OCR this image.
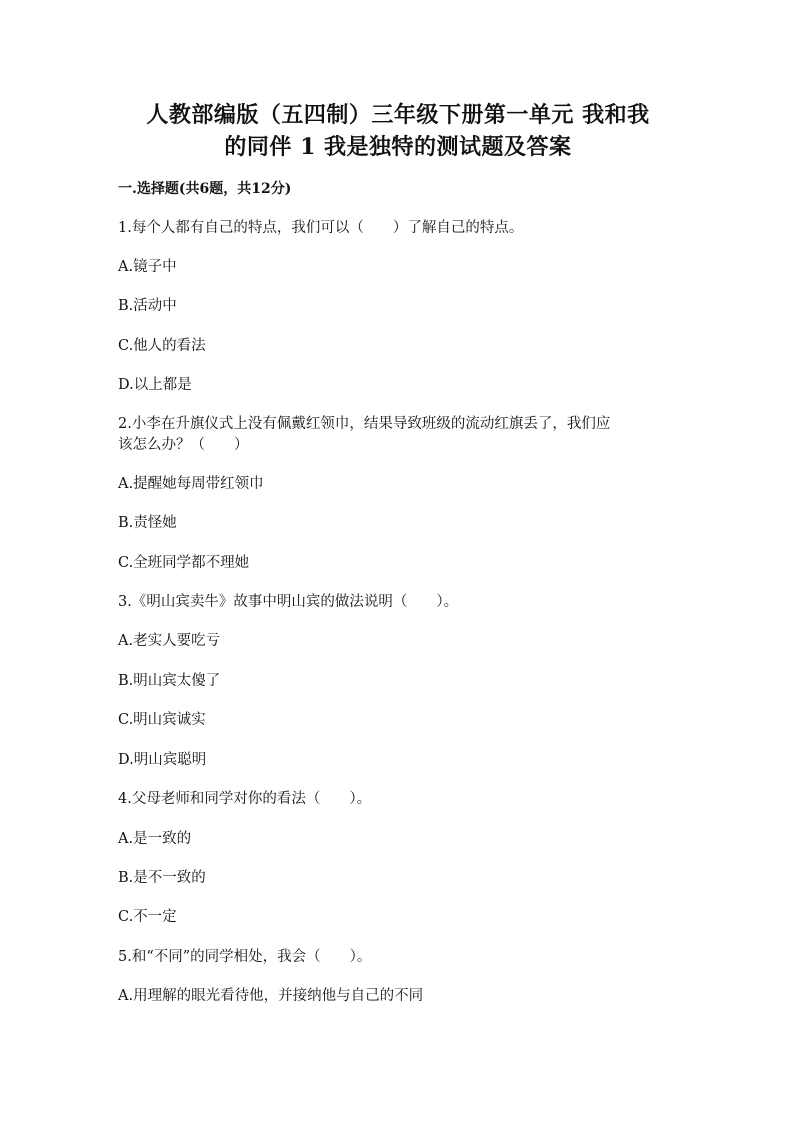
人教部编版（五四制）三年级下册第一单元 我和我
的同伴 1 我是独特的测试题及答案
一.选择题(共6题，共12分)
1.每个人都有自己的特点，我们可以（　　）了解自己的特点。
A.镜子中
B.活动中
C.他人的看法
D.以上都是
2.小李在升旗仪式上没有佩戴红领巾，结果导致班级的流动红旗丢了，我们应
该怎么办？（　　）
A.提醒她每周带红领巾
B.责怪她
C.全班同学都不理她
3.《明山宾卖牛》故事中明山宾的做法说明（　　）。
A.老实人要吃亏
B.明山宾太傻了
C.明山宾诚实
D.明山宾聪明
4.父母老师和同学对你的看法（　　）。
A.是一致的
B.是不一致的
C.不一定
5.和“不同”的同学相处，我会（　　）。
A.用理解的眼光看待他，并接纳他与自己的不同
